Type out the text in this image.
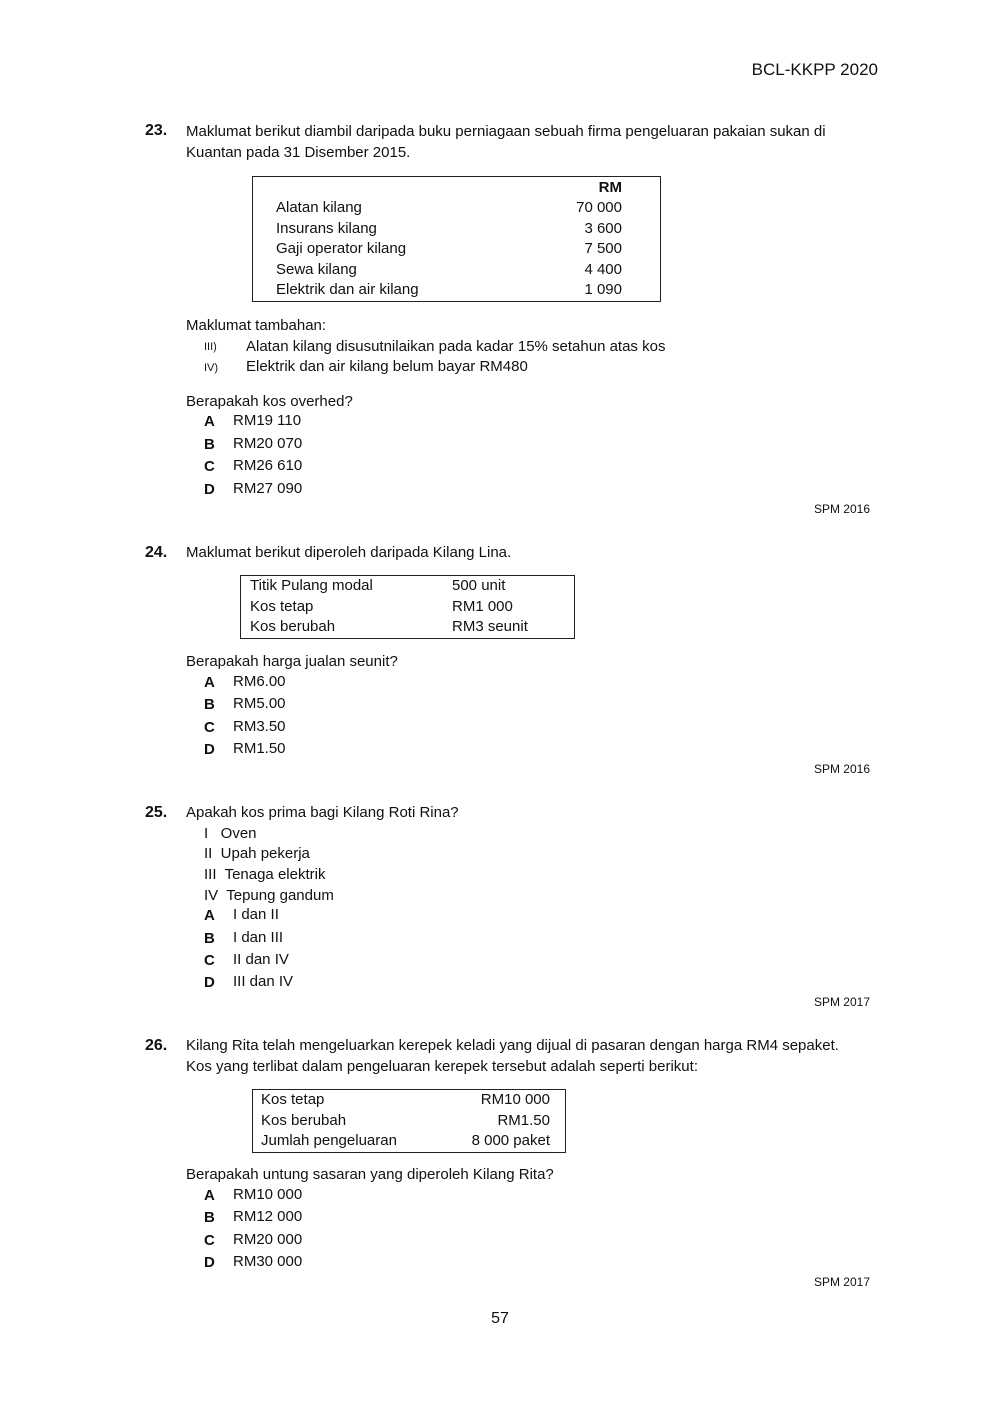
BCL-KKPP 2020
23. Maklumat berikut diambil daripada buku perniagaan sebuah firma pengeluaran pakaian sukan di
Kuantan pada 31 Disember 2015.
RM
Alatan kilang	70 000
Insurans kilang	3 600
Gaji operator kilang	7 500
Sewa kilang	4 400
Elektrik dan air kilang	1 090
Maklumat tambahan:
III) Alatan kilang disusutnilaikan pada kadar 15% setahun atas kos
IV) Elektrik dan air kilang belum bayar RM480
Berapakah kos overhed?
A	RM19 110
B	RM20 070
C	RM26 610
D	RM27 090
SPM 2016
24. Maklumat berikut diperoleh daripada Kilang Lina.
Titik Pulang modal	500 unit
Kos tetap	RM1 000
Kos berubah	RM3 seunit
Berapakah harga jualan seunit?
A	RM6.00
B	RM5.00
C	RM3.50
D	RM1.50
SPM 2016
25. Apakah kos prima bagi Kilang Roti Rina?
I   Oven
II  Upah pekerja
III  Tenaga elektrik
IV  Tepung gandum
A	I dan II
B	I dan III
C	II dan IV
D	III dan IV
SPM 2017
26. Kilang Rita telah mengeluarkan kerepek keladi yang dijual di pasaran dengan harga RM4 sepaket.
Kos yang terlibat dalam pengeluaran kerepek tersebut adalah seperti berikut:
Kos tetap	RM10 000
Kos berubah	RM1.50
Jumlah pengeluaran	8 000 paket
Berapakah untung sasaran yang diperoleh Kilang Rita?
A	RM10 000
B	RM12 000
C	RM20 000
D	RM30 000
SPM 2017
57
